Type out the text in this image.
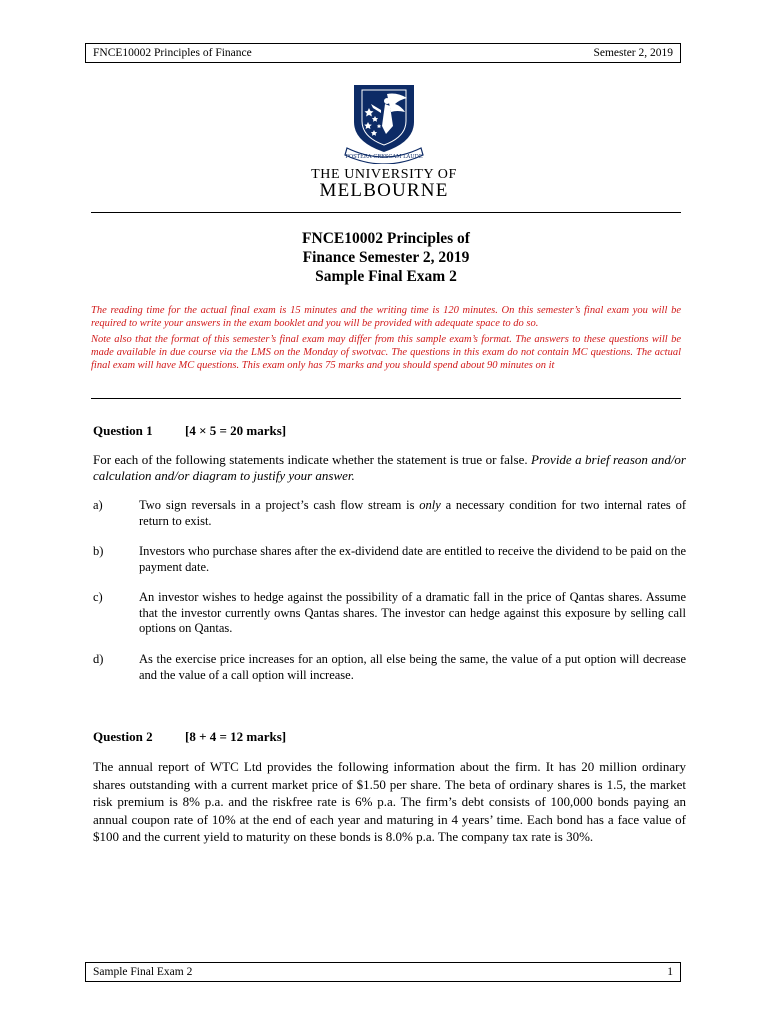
FNCE10002 Principles of Finance	Semester 2, 2019
POSTERA CRESCAM LAUDE
THE UNIVERSITY OF
MELBOURNE
FNCE10002 Principles of
Finance Semester 2, 2019
Sample Final Exam 2
The reading time for the actual final exam is 15 minutes and the writing time is 120 minutes. On this semester’s final exam you will be required to write your answers in the exam booklet and you will be provided with adequate space to do so.
Note also that the format of this semester’s final exam may differ from this sample exam’s format. The answers to these questions will be made available in due course via the LMS on the Monday of swotvac. The questions in this exam do not contain MC questions. The actual final exam will have MC questions. This exam only has 75 marks and you should spend about 90 minutes on it
Question 1 [4 × 5 = 20 marks]
For each of the following statements indicate whether the statement is true or false. Provide a brief reason and/or calculation and/or diagram to justify your answer.
a)	Two sign reversals in a project’s cash flow stream is only a necessary condition for two internal rates of return to exist.
b)	Investors who purchase shares after the ex-dividend date are entitled to receive the dividend to be paid on the payment date.
c)	An investor wishes to hedge against the possibility of a dramatic fall in the price of Qantas shares. Assume that the investor currently owns Qantas shares. The investor can hedge against this exposure by selling call options on Qantas.
d)	As the exercise price increases for an option, all else being the same, the value of a put option will decrease and the value of a call option will increase.
Question 2 [8 + 4 = 12 marks]
The annual report of WTC Ltd provides the following information about the firm. It has 20 million ordinary shares outstanding with a current market price of $1.50 per share. The beta of ordinary shares is 1.5, the market risk premium is 8% p.a. and the riskfree rate is 6% p.a. The firm’s debt consists of 100,000 bonds paying an annual coupon rate of 10% at the end of each year and maturing in 4 years’ time. Each bond has a face value of $100 and the current yield to maturity on these bonds is 8.0% p.a. The company tax rate is 30%.
Sample Final Exam 2	1
